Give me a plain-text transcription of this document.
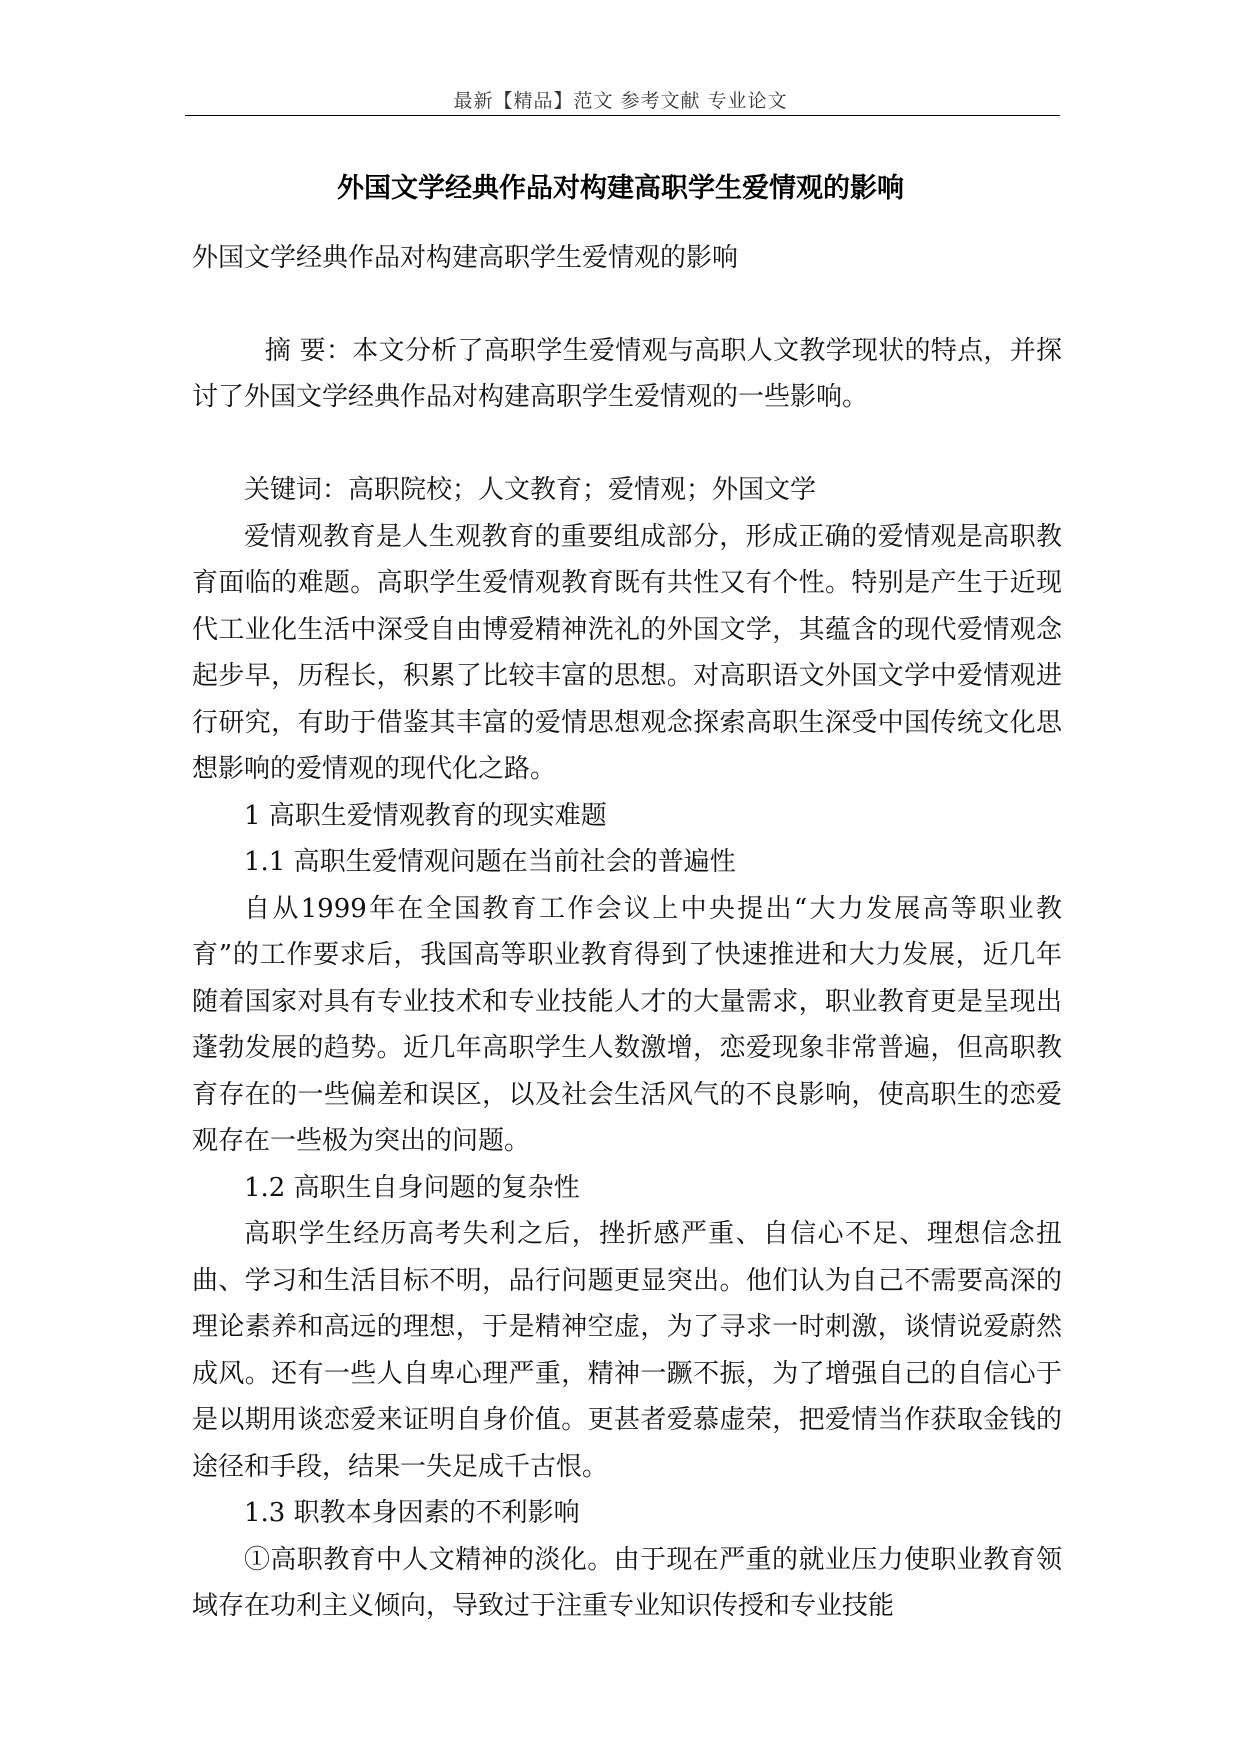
最新【精品】范文 参考文献 专业论文
外国文学经典作品对构建高职学生爱情观的影响

外国文学经典作品对构建高职学生爱情观的影响

摘 要：本文分析了高职学生爱情观与高职人文教学现状的特点，并探讨了外国文学经典作品对构建高职学生爱情观的一些影响。

关键词：高职院校；人文教育；爱情观；外国文学

爱情观教育是人生观教育的重要组成部分，形成正确的爱情观是高职教育面临的难题。高职学生爱情观教育既有共性又有个性。特别是产生于近现代工业化生活中深受自由博爱精神洗礼的外国文学，其蕴含的现代爱情观念起步早，历程长，积累了比较丰富的思想。对高职语文外国文学中爱情观进行研究，有助于借鉴其丰富的爱情思想观念探索高职生深受中国传统文化思想影响的爱情观的现代化之路。

1 高职生爱情观教育的现实难题

1.1 高职生爱情观问题在当前社会的普遍性

自从1999年在全国教育工作会议上中央提出“大力发展高等职业教育”的工作要求后，我国高等职业教育得到了快速推进和大力发展，近几年随着国家对具有专业技术和专业技能人才的大量需求，职业教育更是呈现出蓬勃发展的趋势。近几年高职学生人数激增，恋爱现象非常普遍，但高职教育存在的一些偏差和误区，以及社会生活风气的不良影响，使高职生的恋爱观存在一些极为突出的问题。

1.2 高职生自身问题的复杂性

高职学生经历高考失利之后，挫折感严重、自信心不足、理想信念扭曲、学习和生活目标不明，品行问题更显突出。他们认为自己不需要高深的理论素养和高远的理想，于是精神空虚，为了寻求一时刺激，谈情说爱蔚然成风。还有一些人自卑心理严重，精神一蹶不振，为了增强自己的自信心于是以期用谈恋爱来证明自身价值。更甚者爱慕虚荣，把爱情当作获取金钱的途径和手段，结果一失足成千古恨。

1.3 职教本身因素的不利影响

①高职教育中人文精神的淡化。由于现在严重的就业压力使职业教育领域存在功利主义倾向，导致过于注重专业知识传授和专业技能
